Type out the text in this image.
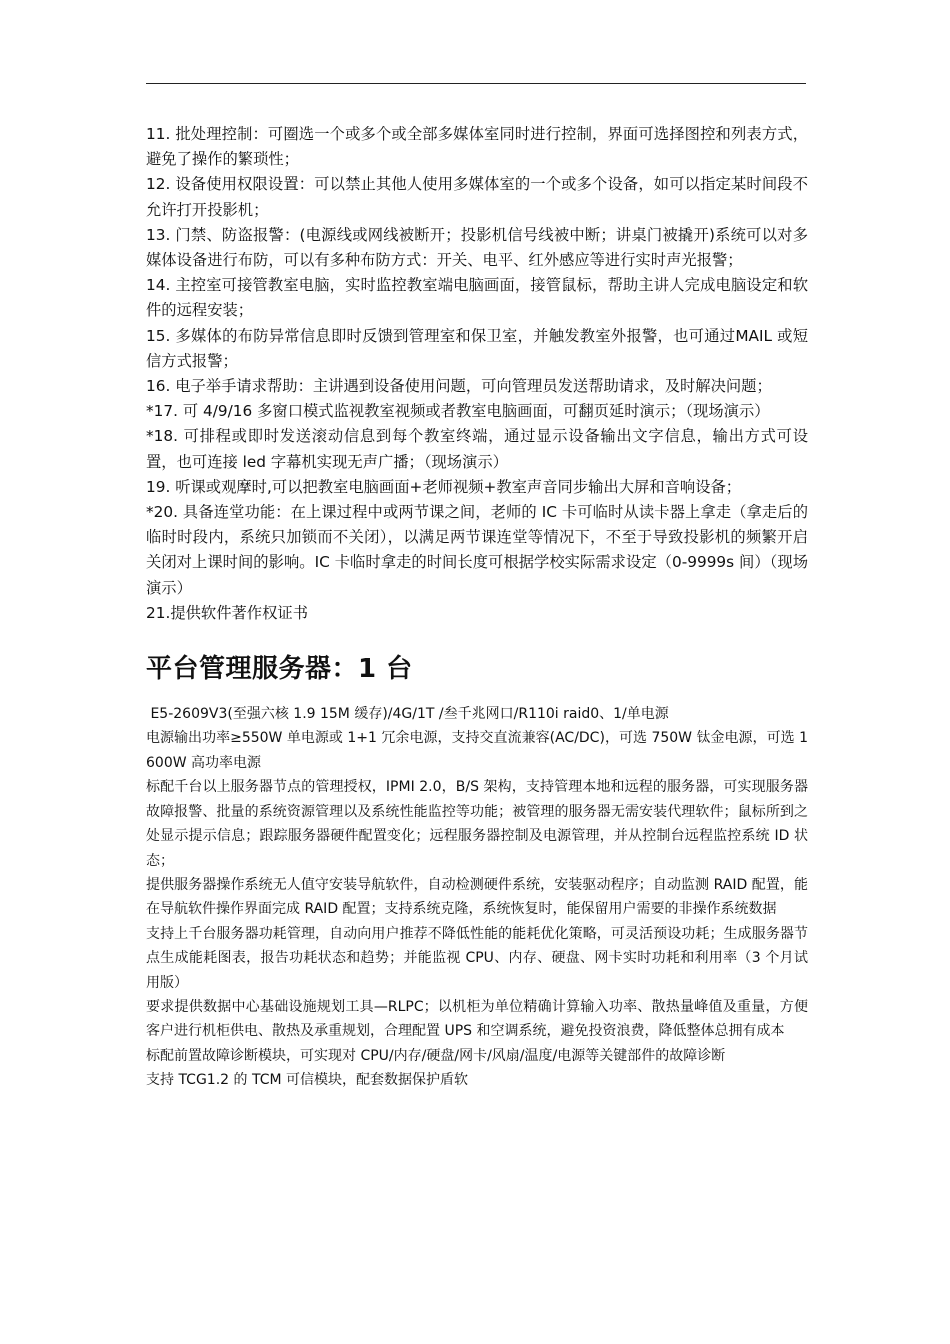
11. 批处理控制：可圈选一个或多个或全部多媒体室同时进行控制，界面可选择图控和列表方式，避免了操作的繁琐性；

12. 设备使用权限设置：可以禁止其他人使用多媒体室的一个或多个设备，如可以指定某时间段不允许打开投影机；

13. 门禁、防盗报警：(电源线或网线被断开；投影机信号线被中断；讲桌门被撬开)系统可以对多媒体设备进行布防，可以有多种布防方式：开关、电平、红外感应等进行实时声光报警；

14. 主控室可接管教室电脑，实时监控教室端电脑画面，接管鼠标，帮助主讲人完成电脑设定和软件的远程安装；

15. 多媒体的布防异常信息即时反馈到管理室和保卫室，并触发教室外报警，也可通过MAIL 或短信方式报警；

16. 电子举手请求帮助：主讲遇到设备使用问题，可向管理员发送帮助请求，及时解决问题；

*17. 可 4/9/16 多窗口模式监视教室视频或者教室电脑画面，可翻页延时演示；（现场演示）

*18. 可排程或即时发送滚动信息到每个教室终端，通过显示设备输出文字信息，输出方式可设置，也可连接 led 字幕机实现无声广播；（现场演示）

19. 听课或观摩时,可以把教室电脑画面+老师视频+教室声音同步输出大屏和音响设备；

*20. 具备连堂功能：在上课过程中或两节课之间，老师的 IC 卡可临时从读卡器上拿走（拿走后的临时时段内，系统只加锁而不关闭），以满足两节课连堂等情况下，不至于导致投影机的频繁开启关闭对上课时间的影响。IC 卡临时拿走的时间长度可根据学校实际需求设定（0-9999s 间）（现场演示）

21.提供软件著作权证书

平台管理服务器：1 台

E5-2609V3(至强六核 1.9 15M 缓存)/4G/1T /叁千兆网口/R110i raid0、1/单电源

电源输出功率≥550W 单电源或 1+1 冗余电源，支持交直流兼容(AC/DC)，可选 750W 钛金电源，可选 1600W 高功率电源

标配千台以上服务器节点的管理授权，IPMI 2.0，B/S 架构，支持管理本地和远程的服务器，可实现服务器故障报警、批量的系统资源管理以及系统性能监控等功能；被管理的服务器无需安装代理软件；鼠标所到之处显示提示信息；跟踪服务器硬件配置变化；远程服务器控制及电源管理，并从控制台远程监控系统 ID 状态；

提供服务器操作系统无人值守安装导航软件，自动检测硬件系统，安装驱动程序；自动监测 RAID 配置，能在导航软件操作界面完成 RAID 配置；支持系统克隆，系统恢复时，能保留用户需要的非操作系统数据

支持上千台服务器功耗管理，自动向用户推荐不降低性能的能耗优化策略，可灵活预设功耗；生成服务器节点生成能耗图表，报告功耗状态和趋势；并能监视 CPU、内存、硬盘、网卡实时功耗和利用率（3 个月试用版）

要求提供数据中心基础设施规划工具—RLPC；以机柜为单位精确计算输入功率、散热量峰值及重量，方便客户进行机柜供电、散热及承重规划，合理配置 UPS 和空调系统，避免投资浪费，降低整体总拥有成本

标配前置故障诊断模块，可实现对 CPU/内存/硬盘/网卡/风扇/温度/电源等关键部件的故障诊断

支持 TCG1.2 的 TCM 可信模块，配套数据保护盾软
